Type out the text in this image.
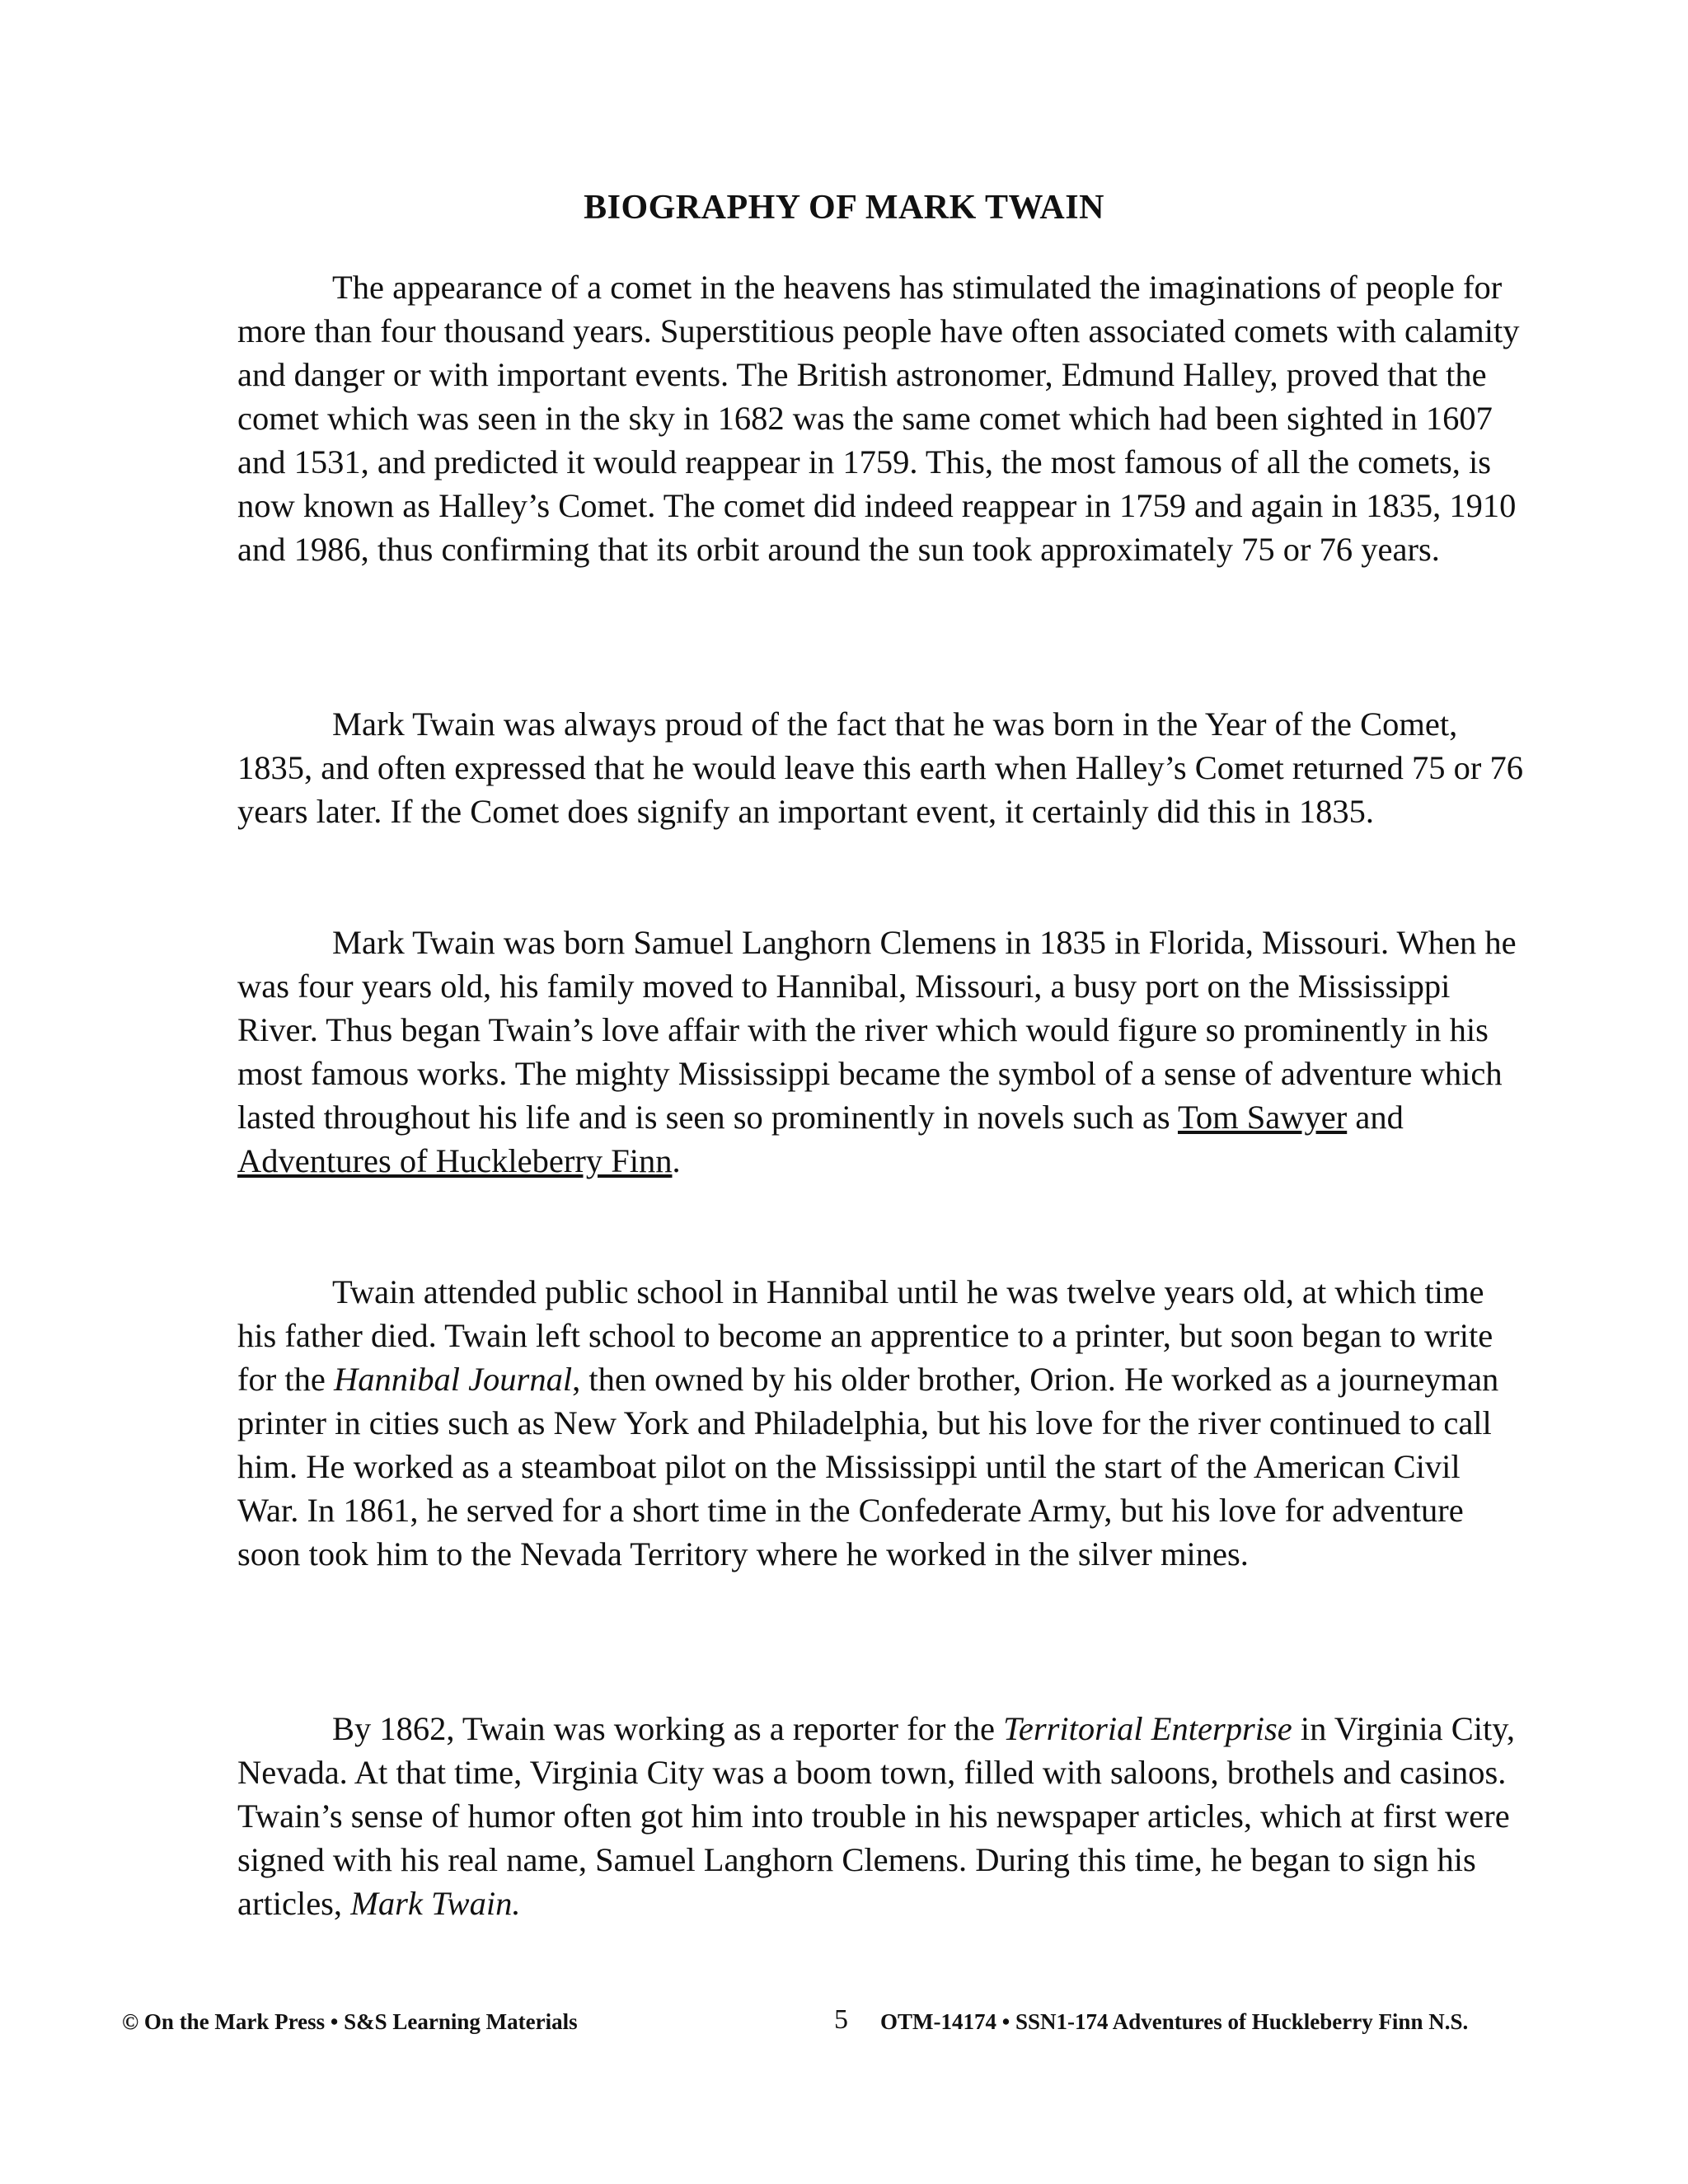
BIOGRAPHY OF MARK TWAIN

The appearance of a comet in the heavens has stimulated the imaginations of people for more than four thousand years. Superstitious people have often associated comets with calamity and danger or with important events. The British astronomer, Edmund Halley, proved that the comet which was seen in the sky in 1682 was the same comet which had been sighted in 1607 and 1531, and predicted it would reappear in 1759. This, the most famous of all the comets, is now known as Halley’s Comet. The comet did indeed reappear in 1759 and again in 1835, 1910 and 1986, thus confirming that its orbit around the sun took approximately 75 or 76 years.

Mark Twain was always proud of the fact that he was born in the Year of the Comet, 1835, and often expressed that he would leave this earth when Halley’s Comet returned 75 or 76 years later. If the Comet does signify an important event, it certainly did this in 1835.

Mark Twain was born Samuel Langhorn Clemens in 1835 in Florida, Missouri. When he was four years old, his family moved to Hannibal, Missouri, a busy port on the Mississippi River. Thus began Twain’s love affair with the river which would figure so prominently in his most famous works. The mighty Mississippi became the symbol of a sense of adventure which lasted throughout his life and is seen so prominently in novels such as Tom Sawyer and Adventures of Huckleberry Finn.

Twain attended public school in Hannibal until he was twelve years old, at which time his father died. Twain left school to become an apprentice to a printer, but soon began to write for the Hannibal Journal, then owned by his older brother, Orion. He worked as a journeyman printer in cities such as New York and Philadelphia, but his love for the river continued to call him. He worked as a steamboat pilot on the Mississippi until the start of the American Civil War. In 1861, he served for a short time in the Confederate Army, but his love for adventure soon took him to the Nevada Territory where he worked in the silver mines.

By 1862, Twain was working as a reporter for the Territorial Enterprise in Virginia City, Nevada. At that time, Virginia City was a boom town, filled with saloons, brothels and casinos. Twain’s sense of humor often got him into trouble in his newspaper articles, which at first were signed with his real name, Samuel Langhorn Clemens. During this time, he began to sign his articles, Mark Twain.

© On the Mark Press • S&S Learning Materials	5 OTM-14174 • SSN1-174 Adventures of Huckleberry Finn N.S.
